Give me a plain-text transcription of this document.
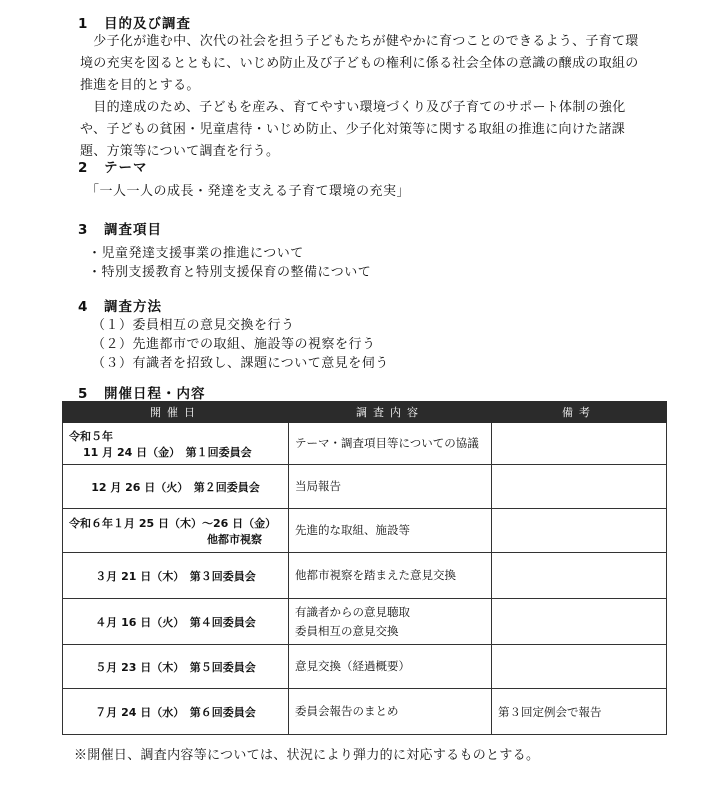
1 目的及び調査
　少子化が進む中、次代の社会を担う子どもたちが健やかに育つことのできるよう、子育て環境の充実を図るとともに、いじめ防止及び子どもの権利に係る社会全体の意識の醸成の取組の推進を目的とする。
　目的達成のため、子どもを産み、育てやすい環境づくり及び子育てのサポート体制の強化や、子どもの貧困・児童虐待・いじめ防止、少子化対策等に関する取組の推進に向けた諸課題、方策等について調査を行う。
2 テーマ
「一人一人の成長・発達を支える子育て環境の充実」
3 調査項目
・児童発達支援事業の推進について
・特別支援教育と特別支援保育の整備について
4 調査方法
（１）委員相互の意見交換を行う
（２）先進都市での取組、施設等の視察を行う
（３）有識者を招致し、課題について意見を伺う
5 開催日程・内容
開催日	調査内容	備考

令和５年
11 月 24 日（金）　第１回委員会	テーマ・調査項目等についての協議	

12 月 26 日（火）　第２回委員会	当局報告	

令和６年１月 25 日（木）～26 日（金）
他都市視察	先進的な取組、施設等	

３月 21 日（木）　第３回委員会	他都市視察を踏まえた意見交換	

４月 16 日（火）　第４回委員会	有識者からの意見聴取
委員相互の意見交換	

５月 23 日（木）　第５回委員会	意見交換（経過概要）	

７月 24 日（水）　第６回委員会	委員会報告のまとめ	第３回定例会で報告
※開催日、調査内容等については、状況により弾力的に対応するものとする。
